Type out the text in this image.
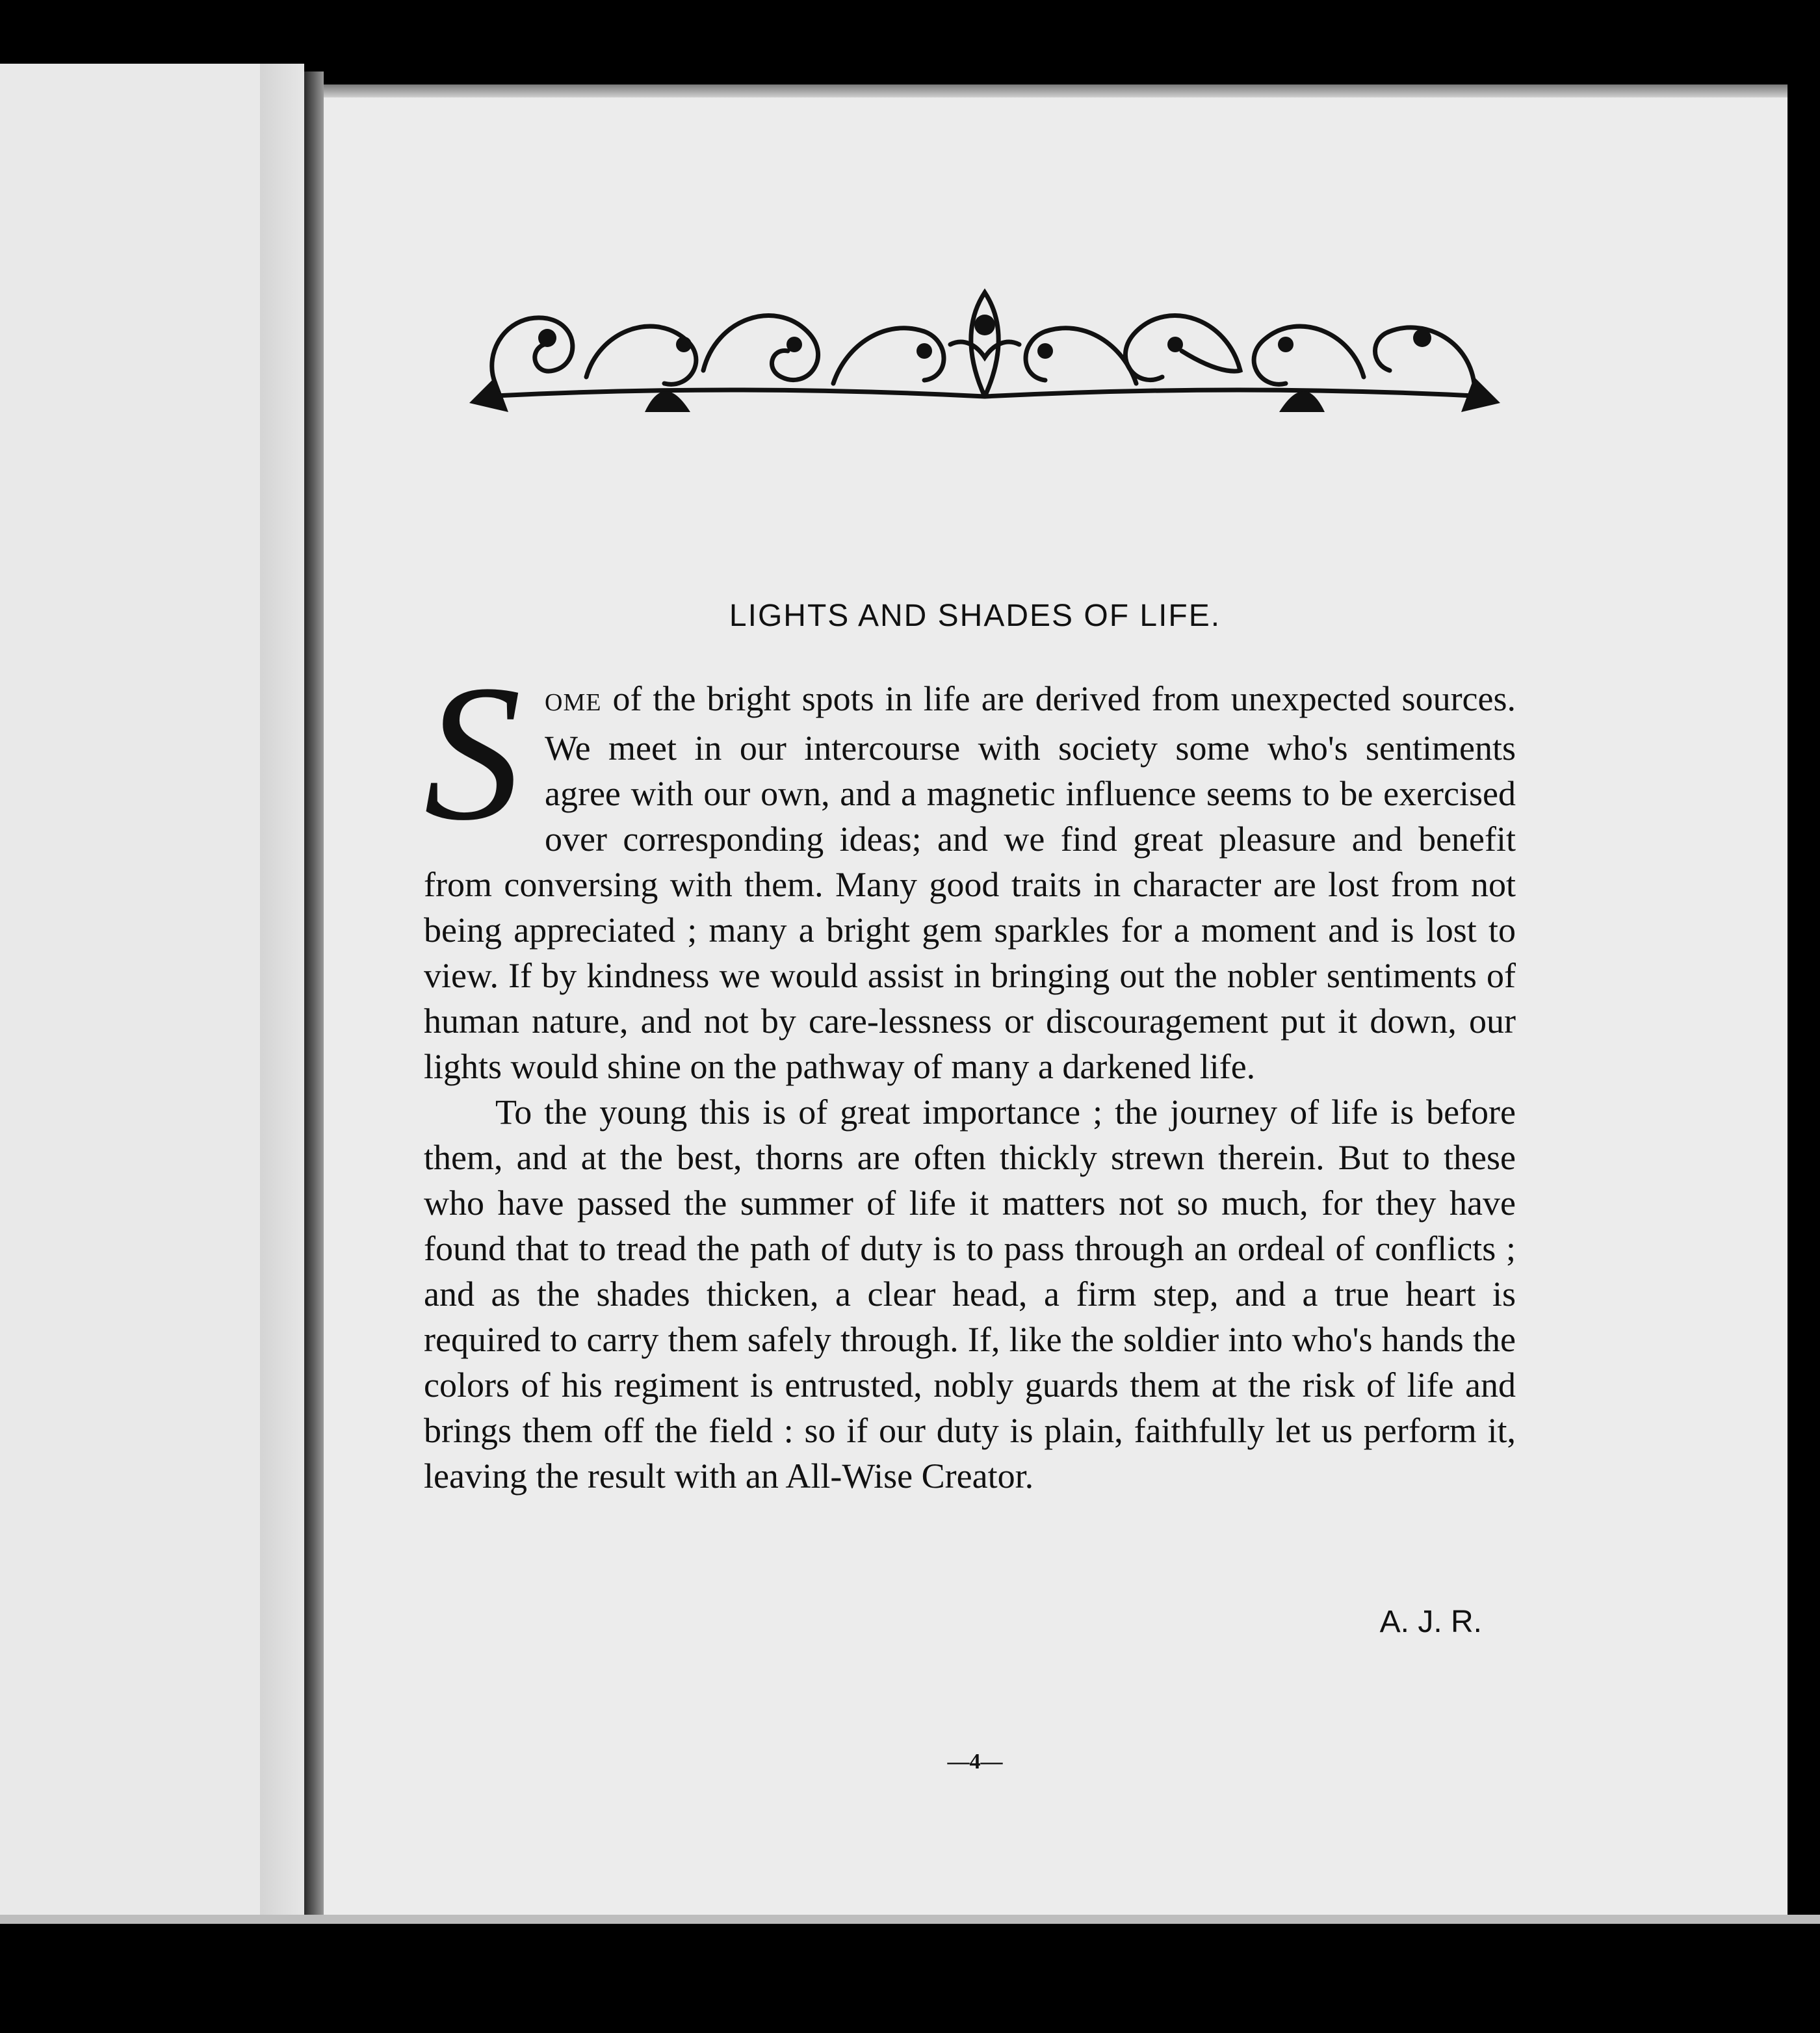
LIGHTS AND SHADES OF LIFE.

SOME of the bright spots in life are derived from unexpected sources. We meet in our intercourse with society some who's sentiments agree with our own, and a magnetic influence seems to be exercised over corresponding ideas; and we find great pleasure and benefit from conversing with them. Many good traits in character are lost from not being appreciated ; many a bright gem sparkles for a moment and is lost to view. If by kindness we would assist in bringing out the nobler sentiments of human nature, and not by care-lessness or discouragement put it down, our lights would shine on the pathway of many a darkened life.

To the young this is of great importance ; the journey of life is before them, and at the best, thorns are often thickly strewn therein. But to these who have passed the summer of life it matters not so much, for they have found that to tread the path of duty is to pass through an ordeal of conflicts ; and as the shades thicken, a clear head, a firm step, and a true heart is required to carry them safely through. If, like the soldier into who's hands the colors of his regiment is entrusted, nobly guards them at the risk of life and brings them off the field : so if our duty is plain, faithfully let us perform it, leaving the result with an All-Wise Creator.

A. J. R.
—4—
